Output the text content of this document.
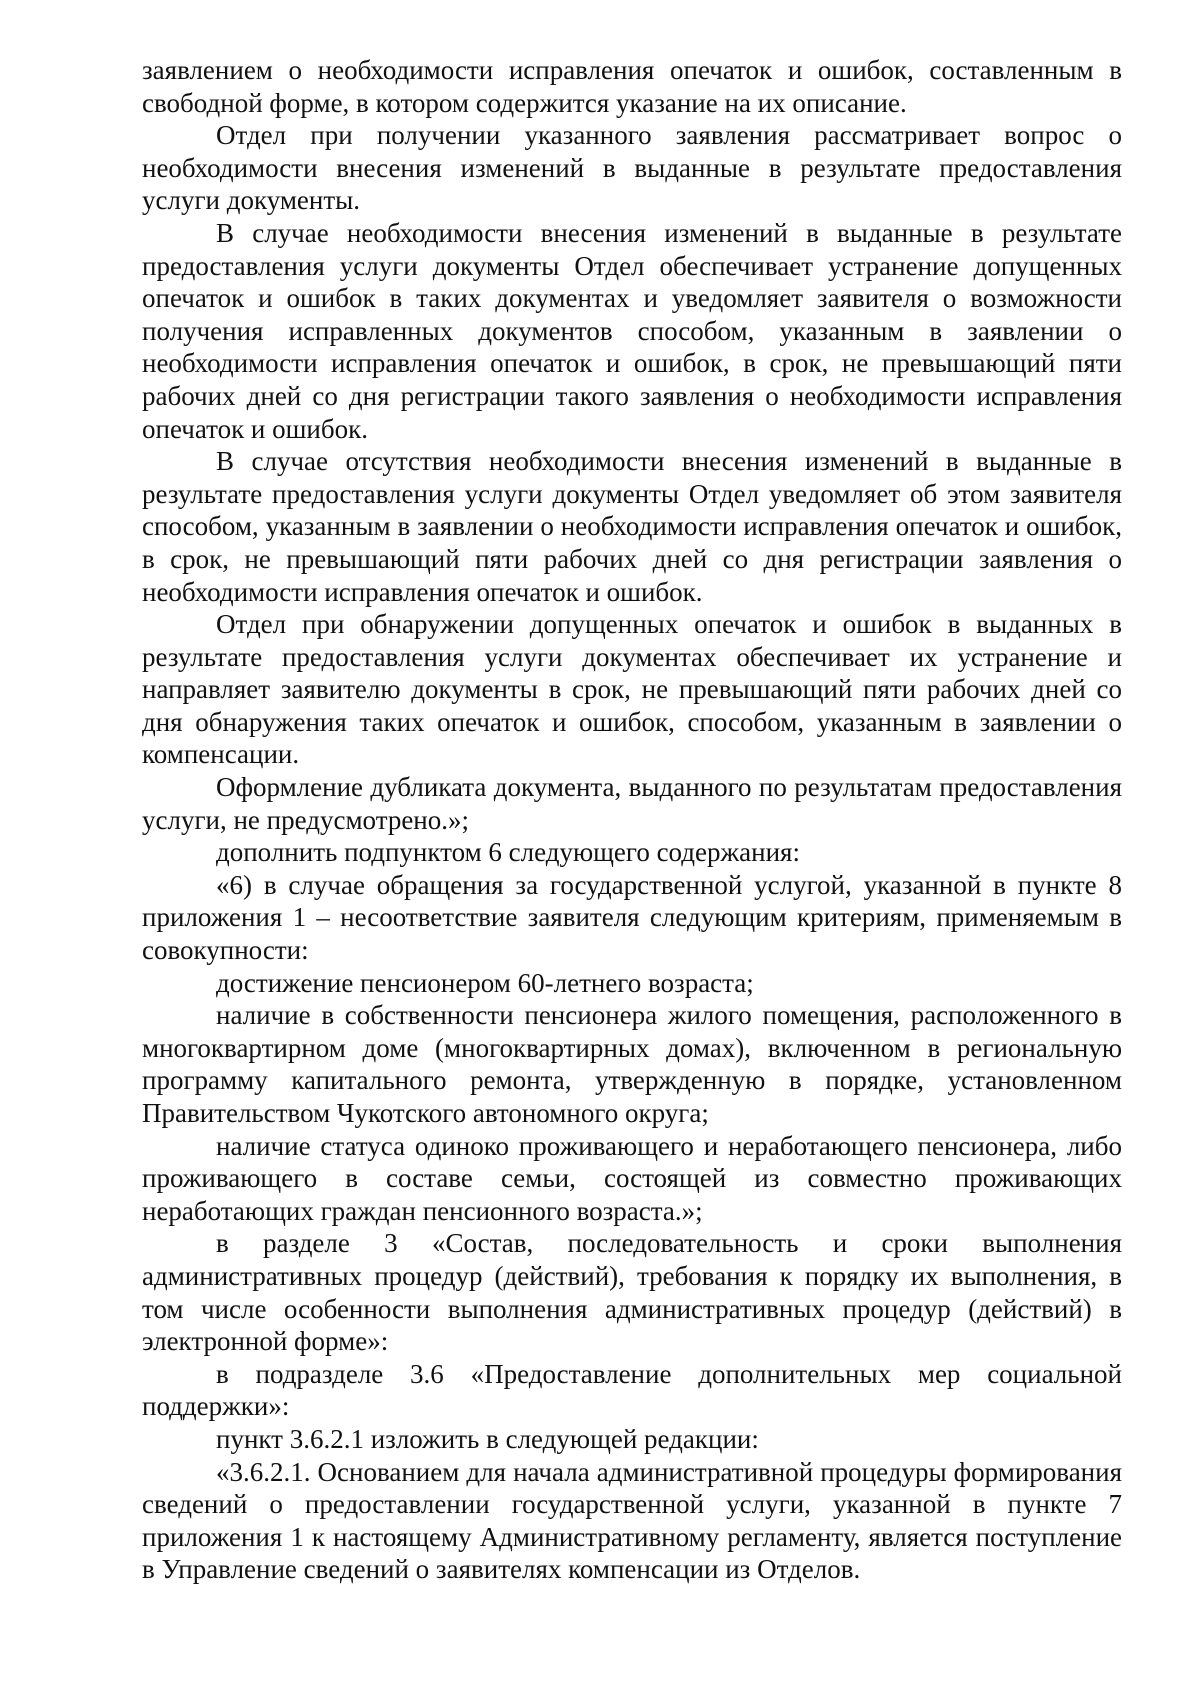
заявлением о необходимости исправления опечаток и ошибок, составленным в свободной форме, в котором содержится указание на их описание.

Отдел при получении указанного заявления рассматривает вопрос о необходимости внесения изменений в выданные в результате предоставления услуги документы.

В случае необходимости внесения изменений в выданные в результате предоставления услуги документы Отдел обеспечивает устранение допущенных опечаток и ошибок в таких документах и уведомляет заявителя о возможности получения исправленных документов способом, указанным в заявлении о необходимости исправления опечаток и ошибок, в срок, не превышающий пяти рабочих дней со дня регистрации такого заявления о необходимости исправления опечаток и ошибок.

В случае отсутствия необходимости внесения изменений в выданные в результате предоставления услуги документы Отдел уведомляет об этом заявителя способом, указанным в заявлении о необходимости исправления опечаток и ошибок, в срок, не превышающий пяти рабочих дней со дня регистрации заявления о необходимости исправления опечаток и ошибок.

Отдел при обнаружении допущенных опечаток и ошибок в выданных в результате предоставления услуги документах обеспечивает их устранение и направляет заявителю документы в срок, не превышающий пяти рабочих дней со дня обнаружения таких опечаток и ошибок, способом, указанным в заявлении о компенсации.

Оформление дубликата документа, выданного по результатам предоставления услуги, не предусмотрено.»;

дополнить подпунктом 6 следующего содержания:

«6) в случае обращения за государственной услугой, указанной в пункте 8 приложения 1 – несоответствие заявителя следующим критериям, применяемым в совокупности:

достижение пенсионером 60-летнего возраста;

наличие в собственности пенсионера жилого помещения, расположенного в многоквартирном доме (многоквартирных домах), включенном в региональную программу капитального ремонта, утвержденную в порядке, установленном Правительством Чукотского автономного округа;

наличие статуса одиноко проживающего и неработающего пенсионера, либо проживающего в составе семьи, состоящей из совместно проживающих неработающих граждан пенсионного возраста.»;

в разделе 3 «Состав, последовательность и сроки выполнения административных процедур (действий), требования к порядку их выполнения, в том числе особенности выполнения административных процедур (действий) в электронной форме»:

в подразделе 3.6 «Предоставление дополнительных мер социальной поддержки»:

пункт 3.6.2.1 изложить в следующей редакции:

«3.6.2.1. Основанием для начала административной процедуры формирования сведений о предоставлении государственной услуги, указанной в пункте 7 приложения 1 к настоящему Административному регламенту, является поступление в Управление сведений о заявителях компенсации из Отделов.
